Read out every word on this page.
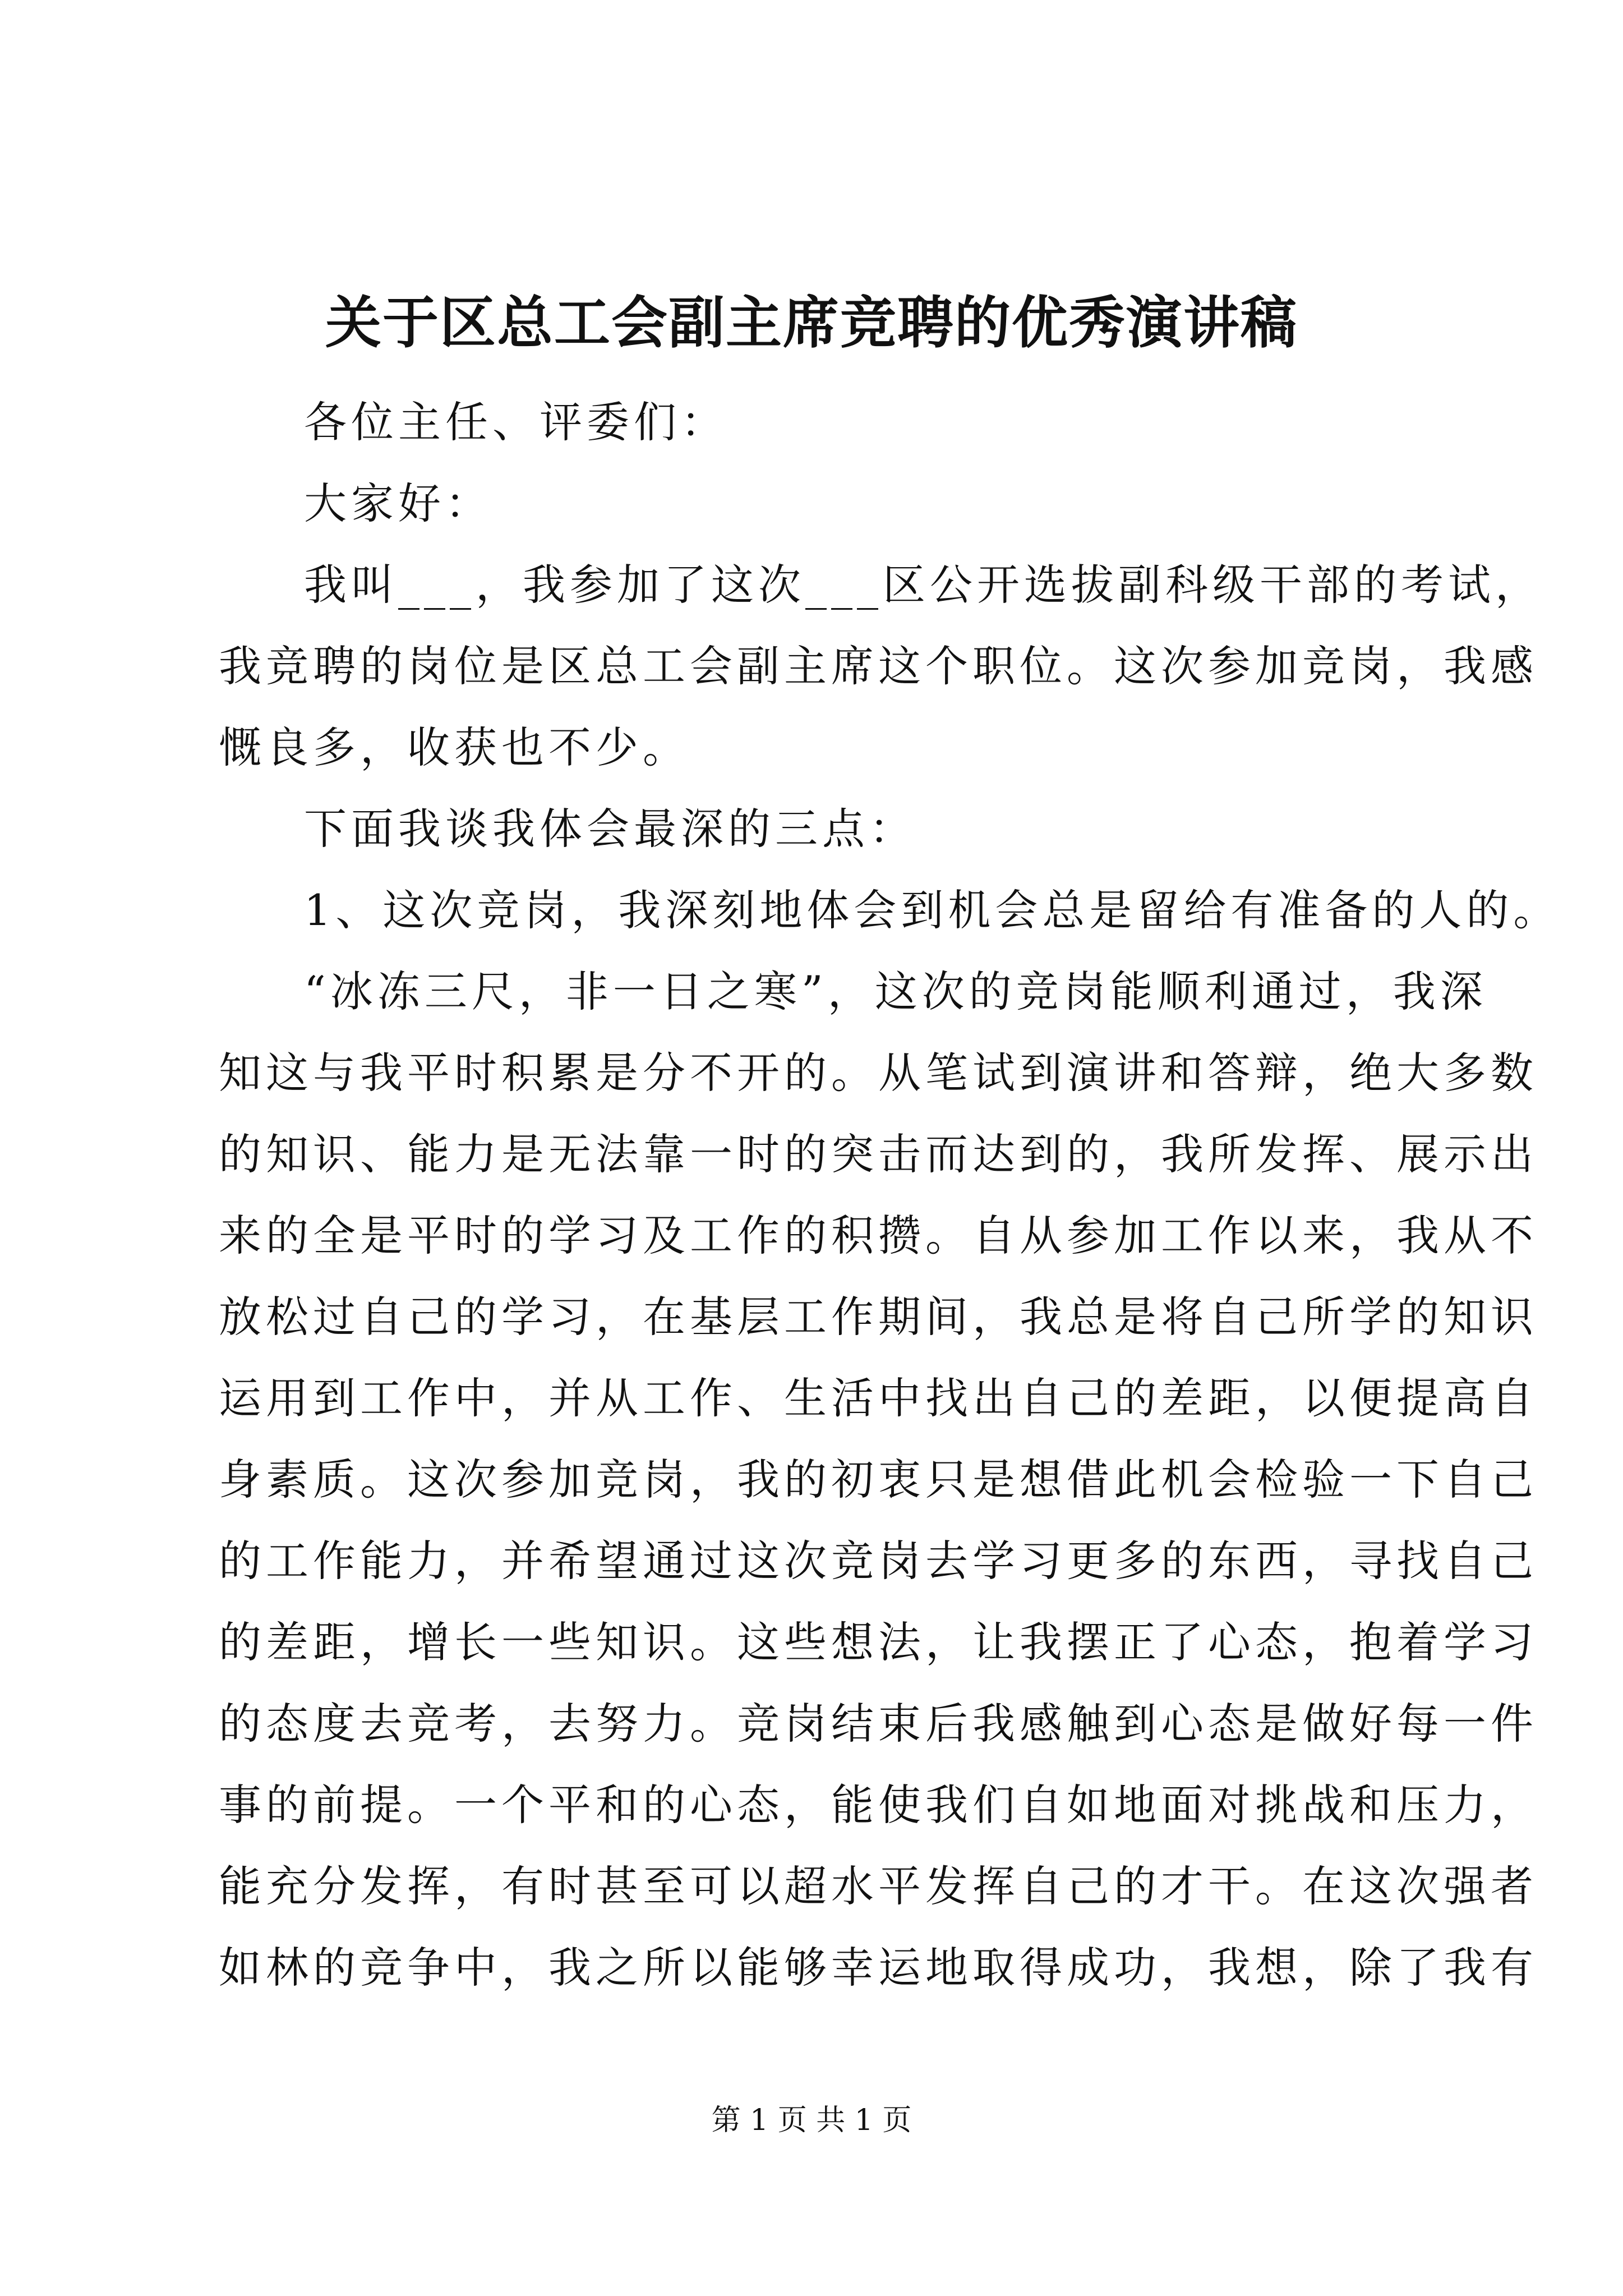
关于区总工会副主席竞聘的优秀演讲稿
各位主任、评委们：
大家好：
我叫___，我参加了这次___区公开选拔副科级干部的考试，
我竞聘的岗位是区总工会副主席这个职位。这次参加竞岗，我感
慨良多，收获也不少。
下面我谈我体会最深的三点：
1、这次竞岗，我深刻地体会到机会总是留给有准备的人的。
“冰冻三尺，非一日之寒”，这次的竞岗能顺利通过，我深
知这与我平时积累是分不开的。从笔试到演讲和答辩，绝大多数
的知识、能力是无法靠一时的突击而达到的，我所发挥、展示出
来的全是平时的学习及工作的积攒。自从参加工作以来，我从不
放松过自己的学习，在基层工作期间，我总是将自己所学的知识
运用到工作中，并从工作、生活中找出自己的差距，以便提高自
身素质。这次参加竞岗，我的初衷只是想借此机会检验一下自己
的工作能力，并希望通过这次竞岗去学习更多的东西，寻找自己
的差距，增长一些知识。这些想法，让我摆正了心态，抱着学习
的态度去竞考，去努力。竞岗结束后我感触到心态是做好每一件
事的前提。一个平和的心态，能使我们自如地面对挑战和压力，
能充分发挥，有时甚至可以超水平发挥自己的才干。在这次强者
如林的竞争中，我之所以能够幸运地取得成功，我想，除了我有
第 1 页 共 1 页
